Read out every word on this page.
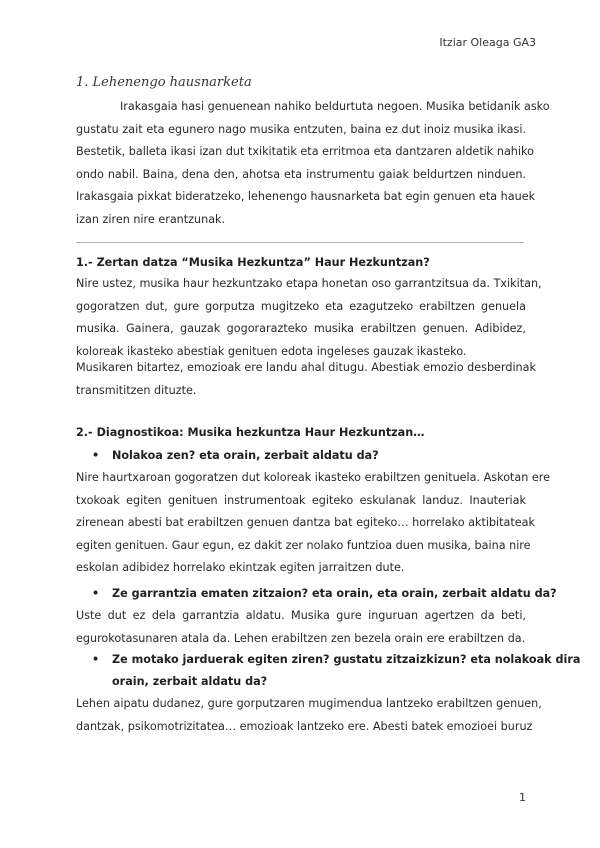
Itziar Oleaga GA3
1. Lehenengo hausnarketa
Irakasgaia hasi genuenean nahiko beldurtuta negoen. Musika betidanik asko
gustatu zait eta egunero nago musika entzuten, baina ez dut inoiz musika ikasi.
Bestetik, balleta ikasi izan dut txikitatik eta erritmoa eta dantzaren aldetik nahiko
ondo nabil. Baina, dena den, ahotsa eta instrumentu gaiak beldurtzen ninduen.
Irakasgaia pixkat bideratzeko, lehenengo hausnarketa bat egin genuen eta hauek
izan ziren nire erantzunak.
1.- Zertan datza “Musika Hezkuntza” Haur Hezkuntzan?
Nire ustez, musika haur hezkuntzako etapa honetan oso garrantzitsua da. Txikitan,
gogoratzen dut, gure gorputza mugitzeko eta ezagutzeko erabiltzen genuela
musika. Gainera, gauzak gogorarazteko musika erabiltzen genuen. Adibidez,
koloreak ikasteko abestiak genituen edota ingeleses gauzak ikasteko.
Musikaren bitartez, emozioak ere landu ahal ditugu. Abestiak emozio desberdinak
transmititzen dituzte.
2.- Diagnostikoa: Musika hezkuntza Haur Hezkuntzan…
• Nolakoa zen? eta orain, zerbait aldatu da?
Nire haurtxaroan gogoratzen dut koloreak ikasteko erabiltzen genituela. Askotan ere
txokoak egiten genituen instrumentoak egiteko eskulanak landuz. Inauteriak
zirenean abesti bat erabiltzen genuen dantza bat egiteko… horrelako aktibitateak
egiten genituen. Gaur egun, ez dakit zer nolako funtzioa duen musika, baina nire
eskolan adibidez horrelako ekintzak egiten jarraitzen dute.
• Ze garrantzia ematen zitzaion? eta orain, eta orain, zerbait aldatu da?
Uste dut ez dela garrantzia aldatu. Musika gure inguruan agertzen da beti,
egurokotasunaren atala da. Lehen erabiltzen zen bezela orain ere erabiltzen da.
• Ze motako jarduerak egiten ziren? gustatu zitzaizkizun? eta nolakoak dira
orain, zerbait aldatu da?
Lehen aipatu dudanez, gure gorputzaren mugimendua lantzeko erabiltzen genuen,
dantzak, psikomotrizitatea… emozioak lantzeko ere. Abesti batek emozioei buruz
1
